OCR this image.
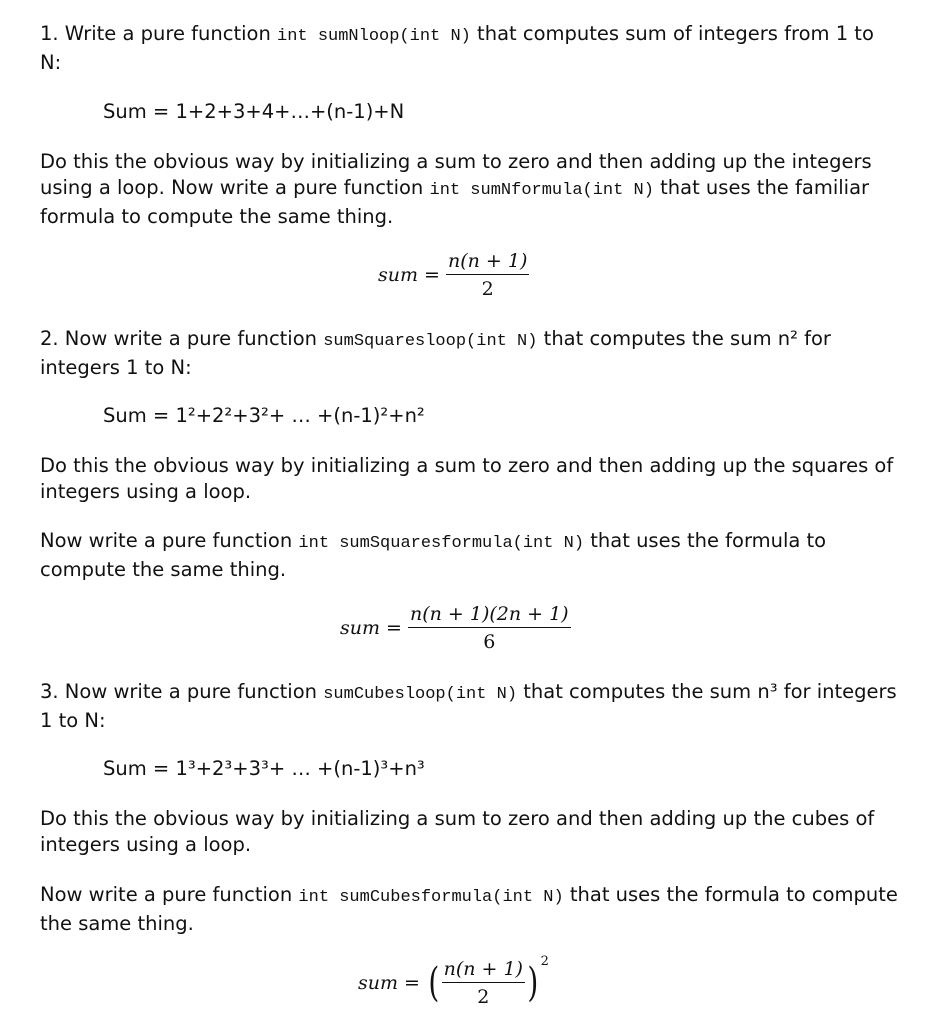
1. Write a pure function int sumNloop(int N) that computes sum of integers from 1 to N:

Sum = 1+2+3+4+…+(n-1)+N

Do this the obvious way by initializing a sum to zero and then adding up the integers using a loop. Now write a pure function int sumNformula(int N) that uses the familiar formula to compute the same thing.

sum = $\frac{n(n + 1)}{2}$

2. Now write a pure function sumSquaresloop(int N) that computes the sum n² for integers 1 to N:

Sum = 1²+2²+3²+ … +(n-1)²+n²

Do this the obvious way by initializing a sum to zero and then adding up the squares of integers using a loop.

Now write a pure function int sumSquaresformula(int N) that uses the formula to compute the same thing.

sum = $\frac{n(n + 1)(2n + 1)}{6}$

3. Now write a pure function sumCubesloop(int N) that computes the sum n³ for integers 1 to N:

Sum = 1³+2³+3³+ … +(n-1)³+n³

Do this the obvious way by initializing a sum to zero and then adding up the cubes of integers using a loop.

Now write a pure function int sumCubesformula(int N) that uses the formula to compute the same thing.

sum = ( $\frac{n(n + 1)}{2}$ ) 2
